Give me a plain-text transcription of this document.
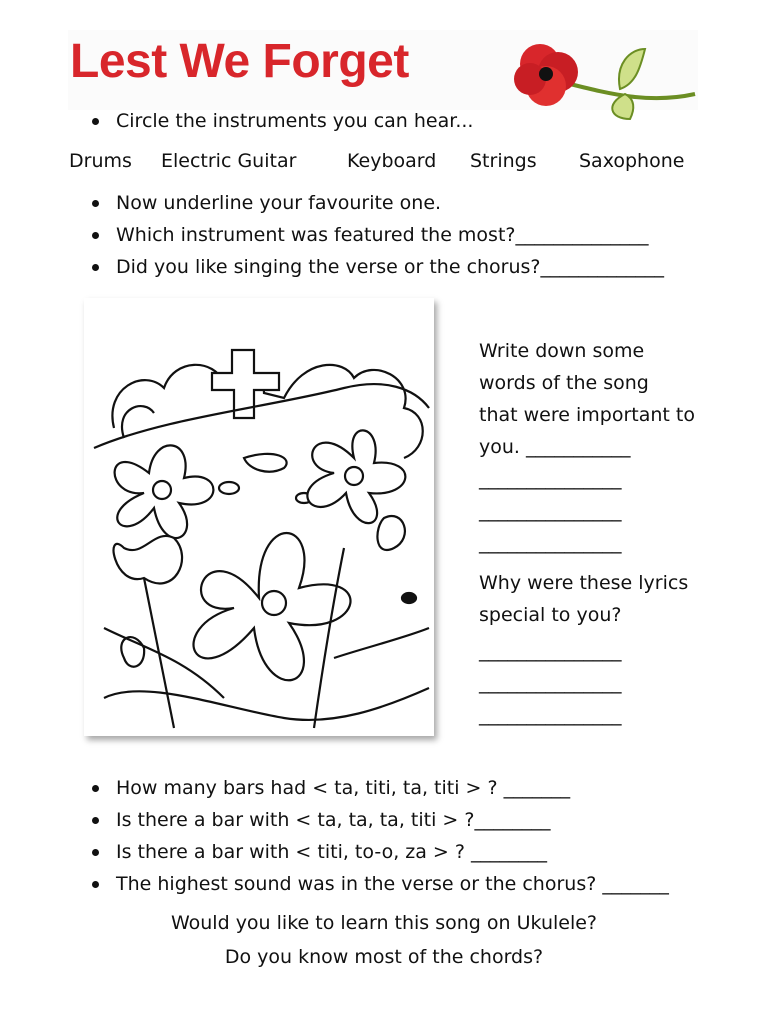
Lest We Forget
Circle the instruments you can hear...
Drums Electric Guitar	Keyboard Strings Saxophone
Now underline your favourite one.
Which instrument was featured the most?______________
Did you like singing the verse or the chorus?_____________
Write down some
words of the song
that were important to
you. ___________
_______________
_______________
_______________
Why were these lyrics
special to you?
_______________
_______________
_______________
How many bars had < ta, titi, ta, titi > ? _______
Is there a bar with < ta, ta, ta, titi > ?________
Is there a bar with < titi, to-o, za > ? ________
The highest sound was in the verse or the chorus? _______
Would you like to learn this song on Ukulele?
Do you know most of the chords?
